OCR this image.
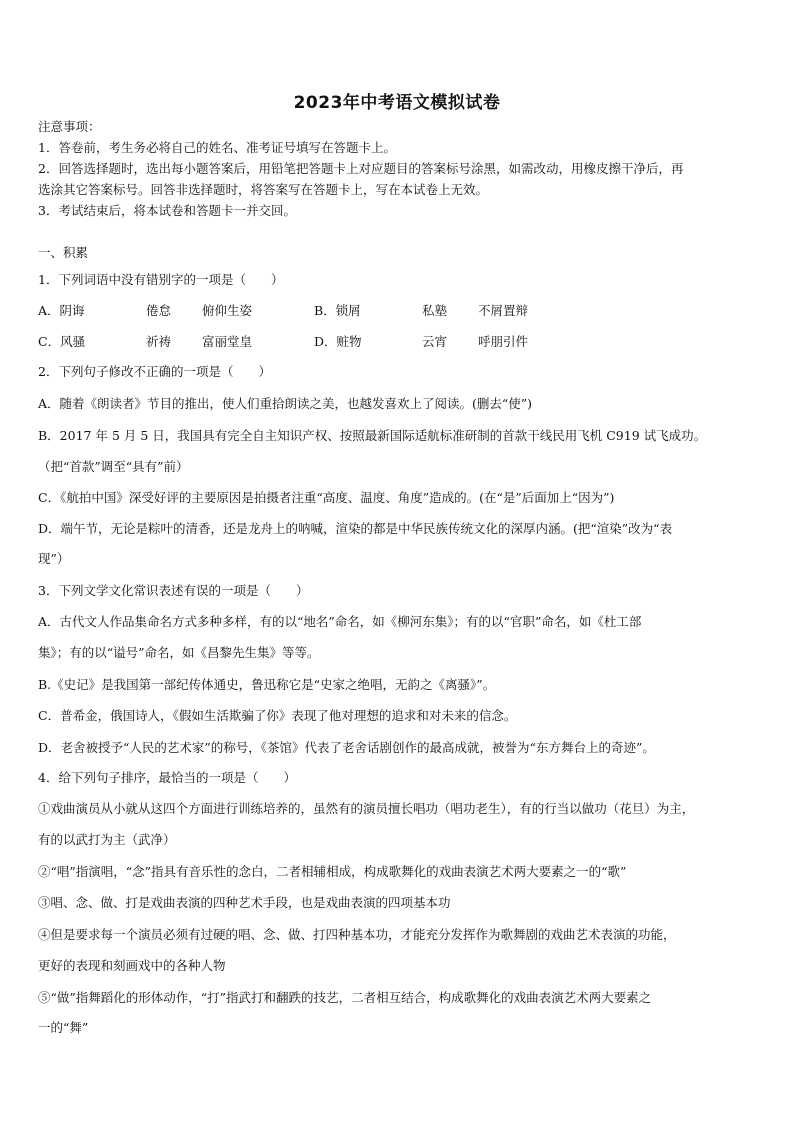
2023年中考语文模拟试卷
注意事项：
1．答卷前，考生务必将自己的姓名、准考证号填写在答题卡上。
2．回答选择题时，选出每小题答案后，用铅笔把答题卡上对应题目的答案标号涂黑，如需改动，用橡皮擦干净后，再
选涂其它答案标号。回答非选择题时，将答案写在答题卡上，写在本试卷上无效。
3．考试结束后，将本试卷和答题卡一并交回。
一、积累
1．下列词语中没有错别字的一项是（　　）
A．阴诲	倦怠 俯仰生姿	B．锁屑	私塾 不屑置辩
C．风骚	祈祷 富丽堂皇	D．赃物	云宵 呼朋引件
2．下列句子修改不正确的一项是（　　）
A．随着《朗读者》节目的推出，使人们重拾朗读之美，也越发喜欢上了阅读。(删去“使”)
B．2017 年 5 月 5 日，我国具有完全自主知识产权、按照最新国际适航标准研制的首款干线民用飞机 C919 试飞成功。
（把“首款”调至“具有”前）
C．《航拍中国》深受好评的主要原因是拍摄者注重“高度、温度、角度”造成的。(在“是”后面加上“因为”)
D．端午节，无论是粽叶的清香，还是龙舟上的呐喊，渲染的都是中华民族传统文化的深厚内涵。(把“渲染”改为“表
现”）
3．下列文学文化常识表述有误的一项是（　　）
A．古代文人作品集命名方式多种多样，有的以“地名”命名，如《柳河东集》；有的以“官职”命名，如《杜工部
集》；有的以“谥号”命名，如《昌黎先生集》等等。
B.《史记》是我国第一部纪传体通史，鲁迅称它是“史家之绝唱，无韵之《离骚》”。
C．普希金，俄国诗人，《假如生活欺骗了你》表现了他对理想的追求和对未来的信念。
D．老舍被授予“人民的艺术家”的称号，《茶馆》代表了老舍话剧创作的最高成就，被誉为“东方舞台上的奇迹”。
4．给下列句子排序，最恰当的一项是（　　）
①戏曲演员从小就从这四个方面进行训练培养的，虽然有的演员擅长唱功（唱功老生），有的行当以做功（花旦）为主，
有的以武打为主（武净）
②“唱”指演唱，“念”指具有音乐性的念白，二者相辅相成，构成歌舞化的戏曲表演艺术两大要素之一的“歌”
③唱、念、做、打是戏曲表演的四种艺术手段，也是戏曲表演的四项基本功
④但是要求每一个演员必须有过硬的唱、念、做、打四种基本功，才能充分发挥作为歌舞剧的戏曲艺术表演的功能，
更好的表现和刻画戏中的各种人物
⑤“做”指舞蹈化的形体动作，“打”指武打和翻跌的技艺，二者相互结合，构成歌舞化的戏曲表演艺术两大要素之
一的“舞”
